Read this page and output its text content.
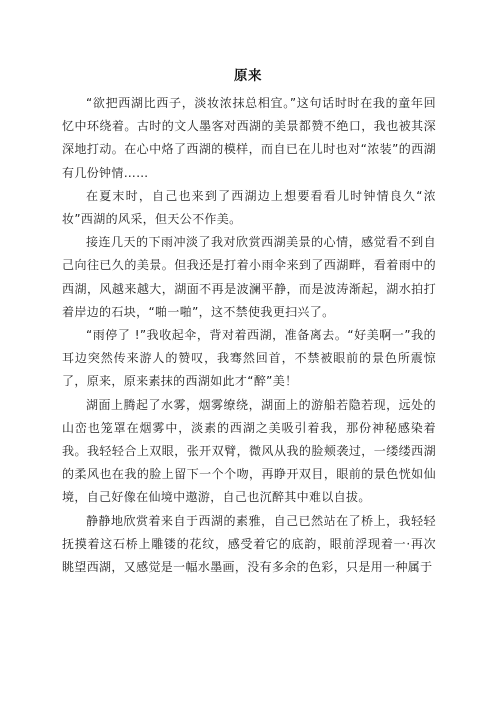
原来

“欲把西湖比西子，淡妆浓抹总相宜。”这句话时时在我的童年回忆中环绕着。古时的文人墨客对西湖的美景都赞不绝口，我也被其深深地打动。在心中烙了西湖的模样，而自已在儿时也对“浓装”的西湖有几份钟情……

在夏末时，自己也来到了西湖边上想要看看儿时钟情良久“浓妆”西湖的风采，但天公不作美。

接连几天的下雨冲淡了我对欣赏西湖美景的心情，感觉看不到自己向往已久的美景。但我还是打着小雨伞来到了西湖畔，看着雨中的西湖，风越来越大，湖面不再是波澜平静，而是波涛渐起，湖水拍打着岸边的石块，“啪一啪”，这不禁使我更扫兴了。

“雨停了 !”我收起伞，背对着西湖，准备离去。“好美啊一”我的耳边突然传来游人的赞叹，我骞然回首，不禁被眼前的景色所震惊了，原来，原来素抹的西湖如此才“醉”美！

湖面上腾起了水雾，烟雾缭绕，湖面上的游船若隐若现，远处的山峦也笼罩在烟雾中，淡素的西湖之美吸引着我，那份神秘感染着我。我轻轻合上双眼，张开双臂，微风从我的脸颊袭过，一缕缕西湖的柔风也在我的脸上留下一个个吻，再睁开双目，眼前的景色恍如仙境，自己好像在仙境中遨游，自己也沉醉其中难以自拔。

静静地欣赏着来自于西湖的素雅，自己已然站在了桥上，我轻轻抚摸着这石桥上雕镂的花纹，感受着它的底韵，眼前浮现着一·再次眺望西湖，又感觉是一幅水墨画，没有多余的色彩，只是用一种属于
